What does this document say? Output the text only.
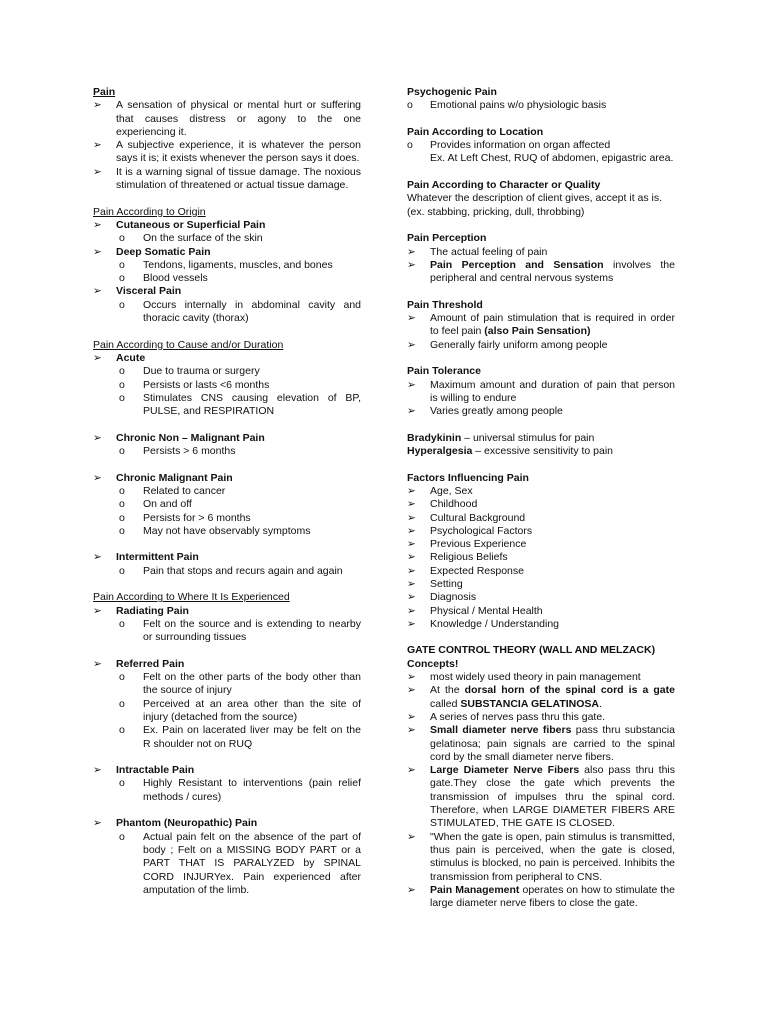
Pain
➢ A sensation of physical or mental hurt or suffering that causes distress or agony to the one experiencing it.
➢ A subjective experience, it is whatever the person says it is; it exists whenever the person says it does.
➢ It is a warning signal of tissue damage. The noxious stimulation of threatened or actual tissue damage.
Pain According to Origin
➢ Cutaneous or Superficial Pain
o On the surface of the skin
➢ Deep Somatic Pain
o Tendons, ligaments, muscles, and bones
o Blood vessels
➢ Visceral Pain
o Occurs internally in abdominal cavity and thoracic cavity (thorax)
Pain According to Cause and/or Duration
➢ Acute
o Due to trauma or surgery
o Persists or lasts <6 months
o Stimulates CNS causing elevation of BP, PULSE, and RESPIRATION
➢ Chronic Non – Malignant Pain
o Persists > 6 months
➢ Chronic Malignant Pain
o Related to cancer
o On and off
o Persists for > 6 months
o May not have observably symptoms
➢ Intermittent Pain
o Pain that stops and recurs again and again
Pain According to Where It Is Experienced
➢ Radiating Pain
o Felt on the source and is extending to nearby or surrounding tissues
➢ Referred Pain
o Felt on the other parts of the body other than the source of injury
o Perceived at an area other than the site of injury (detached from the source)
o Ex. Pain on lacerated liver may be felt on the R shoulder not on RUQ
➢ Intractable Pain
o Highly Resistant to interventions (pain relief methods / cures)
➢ Phantom (Neuropathic) Pain
o Actual pain felt on the absence of the part of body ; Felt on a MISSING BODY PART or a PART THAT IS PARALYZED by SPINAL CORD INJURYex. Pain experienced after amputation of the limb.
Psychogenic Pain
o Emotional pains w/o physiologic basis
Pain According to Location
o Provides information on organ affected
Ex. At Left Chest, RUQ of abdomen, epigastric area.
Pain According to Character or Quality
Whatever the description of client gives, accept it as is. (ex. stabbing, pricking, dull, throbbing)
Pain Perception
➢ The actual feeling of pain
➢ Pain Perception and Sensation involves the peripheral and central nervous systems
Pain Threshold
➢ Amount of pain stimulation that is required in order to feel pain (also Pain Sensation)
➢ Generally fairly uniform among people
Pain Tolerance
➢ Maximum amount and duration of pain that person is willing to endure
➢ Varies greatly among people
Bradykinin – universal stimulus for pain
Hyperalgesia – excessive sensitivity to pain
Factors Influencing Pain
➢ Age, Sex
➢ Childhood
➢ Cultural Background
➢ Psychological Factors
➢ Previous Experience
➢ Religious Beliefs
➢ Expected Response
➢ Setting
➢ Diagnosis
➢ Physical / Mental Health
➢ Knowledge / Understanding
GATE CONTROL THEORY (WALL AND MELZACK)
Concepts!
➢ most widely used theory in pain management
➢ At the dorsal horn of the spinal cord is a gate called SUBSTANCIA GELATINOSA.
➢ A series of nerves pass thru this gate.
➢ Small diameter nerve fibers pass thru substancia gelatinosa; pain signals are carried to the spinal cord by the small diameter nerve fibers.
➢ Large Diameter Nerve Fibers also pass thru this gate.They close the gate which prevents the transmission of impulses thru the spinal cord. Therefore, when LARGE DIAMETER FIBERS ARE STIMULATED, THE GATE IS CLOSED.
➢ "When the gate is open, pain stimulus is transmitted, thus pain is perceived, when the gate is closed, stimulus is blocked, no pain is perceived. Inhibits the transmission from peripheral to CNS.
➢ Pain Management operates on how to stimulate the large diameter nerve fibers to close the gate.
